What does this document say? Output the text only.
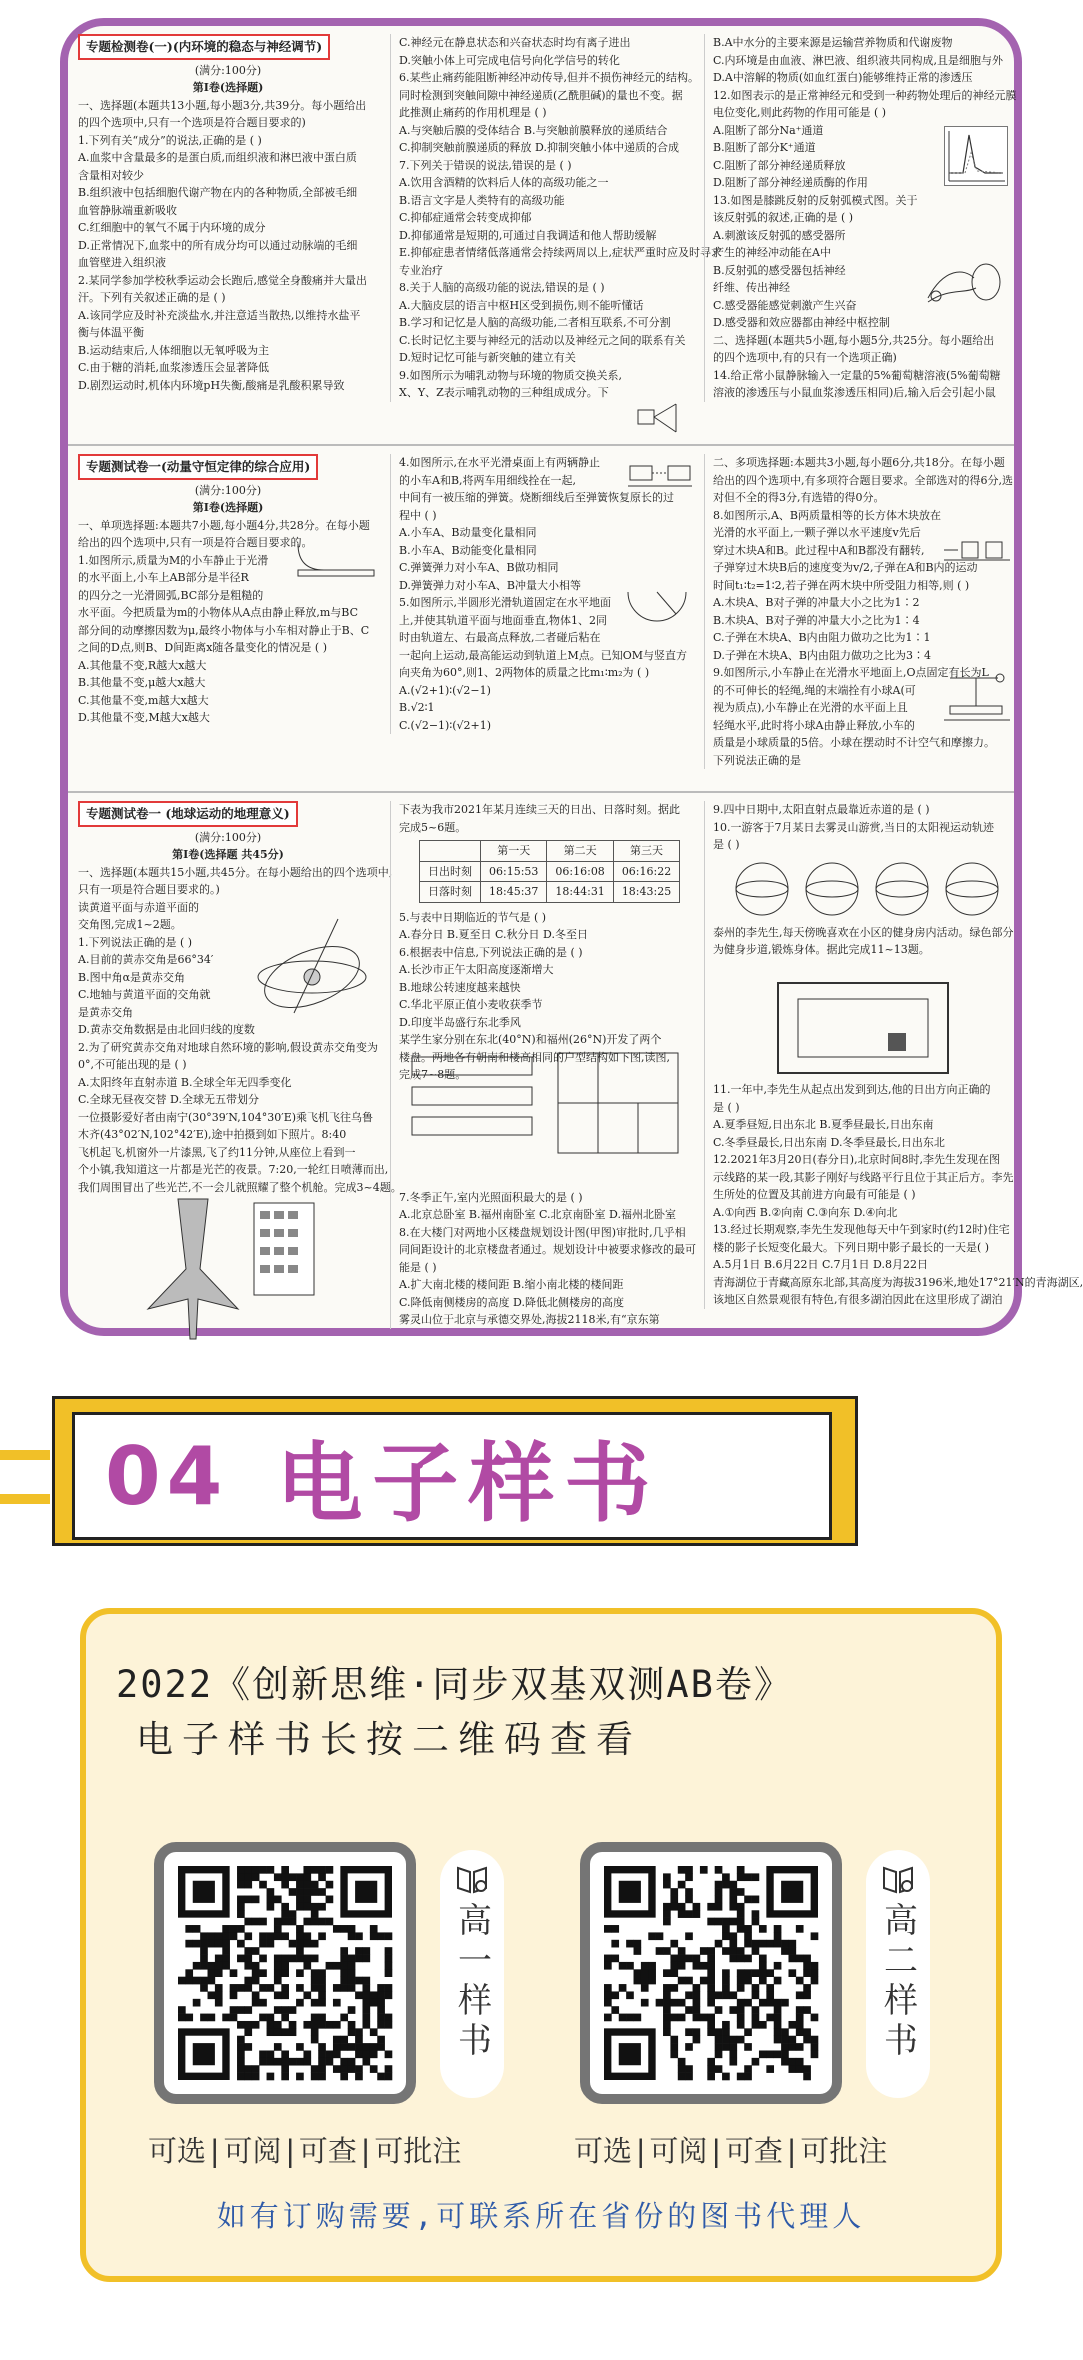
专题检测卷(一)(内环境的稳态与神经调节)
(满分:100分)
第Ⅰ卷(选择题)
一、选择题(本题共13小题,每小题3分,共39分。每小题给出
的四个选项中,只有一个选项是符合题目要求的)
1.下列有关“成分”的说法,正确的是 ( )
A.血浆中含量最多的是蛋白质,而组织液和淋巴液中蛋白质
含量相对较少
B.组织液中包括细胞代谢产物在内的各种物质,全部被毛细
血管静脉端重新吸收
C.红细胞中的氧气不属于内环境的成分
D.正常情况下,血浆中的所有成分均可以通过动脉端的毛细
血管壁进入组织液
2.某同学参加学校秋季运动会长跑后,感觉全身酸痛并大量出
汗。下列有关叙述正确的是 ( )
A.该同学应及时补充淡盐水,并注意适当散热,以维持水盐平
衡与体温平衡
B.运动结束后,人体细胞以无氧呼吸为主
C.由于糖的消耗,血浆渗透压会显著降低
D.剧烈运动时,机体内环境pH失衡,酸痛是乳酸积累导致
C.神经元在静息状态和兴奋状态时均有离子进出
D.突触小体上可完成电信号向化学信号的转化
6.某些止痛药能阻断神经冲动传导,但并不损伤神经元的结构。
同时检测到突触间隙中神经递质(乙酰胆碱)的量也不变。据
此推测止痛药的作用机理是 ( )
A.与突触后膜的受体结合 B.与突触前膜释放的递质结合
C.抑制突触前膜递质的释放 D.抑制突触小体中递质的合成
7.下列关于错误的说法,错误的是 ( )
A.饮用含酒精的饮料后人体的高级功能之一
B.语言文字是人类特有的高级功能
C.抑郁症通常会转变成抑郁
D.抑郁通常是短期的,可通过自我调适和他人帮助缓解
E.抑郁症患者情绪低落通常会持续两周以上,症状严重时应及时寻求
专业治疗
8.关于人脑的高级功能的说法,错误的是 ( )
A.大脑皮层的语言中枢H区受到损伤,则不能听懂话
B.学习和记忆是人脑的高级功能,二者相互联系,不可分割
C.长时记忆主要与神经元的活动以及神经元之间的联系有关
D.短时记忆可能与新突触的建立有关
9.如图所示为哺乳动物与环境的物质交换关系,
X、Y、Z表示哺乳动物的三种组成成分。下
B.A中水分的主要来源是运输营养物质和代谢废物
C.内环境是由血液、淋巴液、组织液共同构成,且是细胞与外
D.A中溶解的物质(如血红蛋白)能够维持正常的渗透压
12.如图表示的是正常神经元和受到一种药物处理后的神经元膜
电位变化,则此药物的作用可能是 ( )
A.阻断了部分Na⁺通道
B.阻断了部分K⁺通道
C.阻断了部分神经递质释放
D.阻断了部分神经递质酶的作用
13.如图是膝跳反射的反射弧模式图。关于
该反射弧的叙述,正确的是 ( )
A.刺激该反射弧的感受器所
产生的神经冲动能在A中
B.反射弧的感受器包括神经
纤维、传出神经
C.感受器能感觉刺激产生兴奋
D.感受器和效应器都由神经中枢控制
二、选择题(本题共5小题,每小题5分,共25分。每小题给出
的四个选项中,有的只有一个选项正确)
14.给正常小鼠静脉输入一定量的5%葡萄糖溶液(5%葡萄糖
溶液的渗透压与小鼠血浆渗透压相同)后,输入后会引起小鼠
专题测试卷一(动量守恒定律的综合应用)
(满分:100分)
第Ⅰ卷(选择题)
一、单项选择题:本题共7小题,每小题4分,共28分。在每小题
给出的四个选项中,只有一项是符合题目要求的。
1.如图所示,质量为M的小车静止于光滑
的水平面上,小车上AB部分是半径R
的四分之一光滑圆弧,BC部分是粗糙的
水平面。今把质量为m的小物体从A点由静止释放,m与BC
部分间的动摩擦因数为μ,最终小物体与小车相对静止于B、C
之间的D点,则B、D间距离x随各量变化的情况是 ( )
A.其他量不变,R越大x越大
B.其他量不变,μ越大x越大
C.其他量不变,m越大x越大
D.其他量不变,M越大x越大
4.如图所示,在水平光滑桌面上有两辆静止
的小车A和B,将两车用细线拴在一起,
中间有一被压缩的弹簧。烧断细线后至弹簧恢复原长的过
程中 ( )
A.小车A、B动量变化量相同
B.小车A、B动能变化量相同
C.弹簧弹力对小车A、B做功相同
D.弹簧弹力对小车A、B冲量大小相等
5.如图所示,半圆形光滑轨道固定在水平地面
上,并使其轨道平面与地面垂直,物体1、2同
时由轨道左、右最高点释放,二者碰后粘在
一起向上运动,最高能运动到轨道上M点。已知OM与竖直方
向夹角为60°,则1、2两物体的质量之比m₁∶m₂为 ( )
A.(√2+1)∶(√2−1)
B.√2∶1
C.(√2−1)∶(√2+1)
二、多项选择题:本题共3小题,每小题6分,共18分。在每小题
给出的四个选项中,有多项符合题目要求。全部选对的得6分,选
对但不全的得3分,有选错的得0分。
8.如图所示,A、B两质量相等的长方体木块放在
光滑的水平面上,一颗子弹以水平速度v先后
穿过木块A和B。此过程中A和B都没有翻转,
子弹穿过木块B后的速度变为v/2,子弹在A和B内的运动
时间t₁∶t₂=1∶2,若子弹在两木块中所受阻力相等,则 ( )
A.木块A、B对子弹的冲量大小之比为1∶2
B.木块A、B对子弹的冲量大小之比为1∶4
C.子弹在木块A、B内由阻力做功之比为1∶1
D.子弹在木块A、B内由阻力做功之比为3∶4
9.如图所示,小车静止在光滑水平地面上,O点固定有长为L
的不可伸长的轻绳,绳的末端拴有小球A(可
视为质点),小车静止在光滑的水平面上且
轻绳水平,此时将小球A由静止释放,小车的
质量是小球质量的5倍。小球在摆动时不计空气和摩擦力。
下列说法正确的是
专题测试卷一 (地球运动的地理意义)
(满分:100分)
第Ⅰ卷(选择题 共45分)
一、选择题(本题共15小题,共45分。在每小题给出的四个选项中,
只有一项是符合题目要求的。)
读黄道平面与赤道平面的
交角图,完成1~2题。
1.下列说法正确的是 ( )
A.目前的黄赤交角是66°34′
B.图中角α是黄赤交角
C.地轴与黄道平面的交角就
是黄赤交角
D.黄赤交角数据是由北回归线的度数
2.为了研究黄赤交角对地球自然环境的影响,假设黄赤交角变为
0°,不可能出现的是 ( )
A.太阳终年直射赤道 B.全球全年无四季变化
C.全球无昼夜交替 D.全球无五带划分
一位摄影爱好者由南宁(30°39′N,104°30′E)乘飞机飞往乌鲁
木齐(43°02′N,102°42′E),途中拍摄到如下照片。8:40
飞机起飞,机窗外一片漆黑,飞了约11分钟,从座位上看到一
个小镇,我知道这一片都是光芒的夜景。7:20,一轮红日喷薄而出,
我们周围冒出了些光芒,不一会儿就照耀了整个机舱。完成3~4题。
下表为我市2021年某月连续三天的日出、日落时刻。据此
完成5~6题。
	第一天	第二天	第三天
日出时刻	06:15:53	06:16:08	06:16:22
日落时刻	18:45:37	18:44:31	18:43:25
5.与表中日期临近的节气是 ( )
A.春分日 B.夏至日 C.秋分日 D.冬至日
6.根据表中信息,下列说法正确的是 ( )
A.长沙市正午太阳高度逐渐增大
B.地球公转速度越来越快
C.华北平原正值小麦收获季节
D.印度半岛盛行东北季风
某学生家分别在东北(40°N)和福州(26°N)开发了两个
楼盘。两地各有朝南和楼高相同的户型结构如下图,读图,
完成7~8题。

7.冬季正午,室内光照面积最大的是 ( )
A.北京总卧室 B.福州南卧室 C.北京南卧室 D.福州北卧室
8.在大楼门对两地小区楼盘规划设计图(甲图)审批时,几乎相
同间距设计的北京楼盘者通过。规划设计中被要求修改的最可
能是 ( )
A.扩大南北楼的楼间距 B.缩小南北楼的楼间距
C.降低南侧楼房的高度 D.降低北侧楼房的高度
雾灵山位于北京与承德交界处,海拔2118米,有“京东第
9.四中日期中,太阳直射点最靠近赤道的是 ( )
10.一游客于7月某日去雾灵山游赏,当日的太阳视运动轨迹
是 ( )

泰州的李先生,每天傍晚喜欢在小区的健身房内活动。绿色部分
为健身步道,锻炼身体。据此完成11~13题。

11.一年中,李先生从起点出发到到达,他的日出方向正确的
是 ( )
A.夏季昼短,日出东北 B.夏季昼最长,日出东南
C.冬季昼最长,日出东南 D.冬季昼最长,日出东北
12.2021年3月20日(春分日),北京时间8时,李先生发现在图
示线路的某一段,其影子刚好与线路平行且位于其正后方。李先
生所处的位置及其前进方向最有可能是 ( )
A.①向西 B.②向南 C.③向东 D.④向北
13.经过长期观察,李先生发现他每天中午到家时(约12时)住宅
楼的影子长短变化最大。下列日期中影子最长的一天是( )
A.5月1日 B.6月22日 C.7月1日 D.8月22日
青海湖位于青藏高原东北部,其高度为海拔3196米,地处17°21′N的青海湖区,
该地区自然景观很有特色,有很多湖泊因此在这里形成了湖泊
04 电子样书
2022《创新思维·同步双基双测AB卷》
电子样书长按二维码查看
高一样书
可选|可阅|可查|可批注
高二样书
可选|可阅|可查|可批注
如有订购需要,可联系所在省份的图书代理人
